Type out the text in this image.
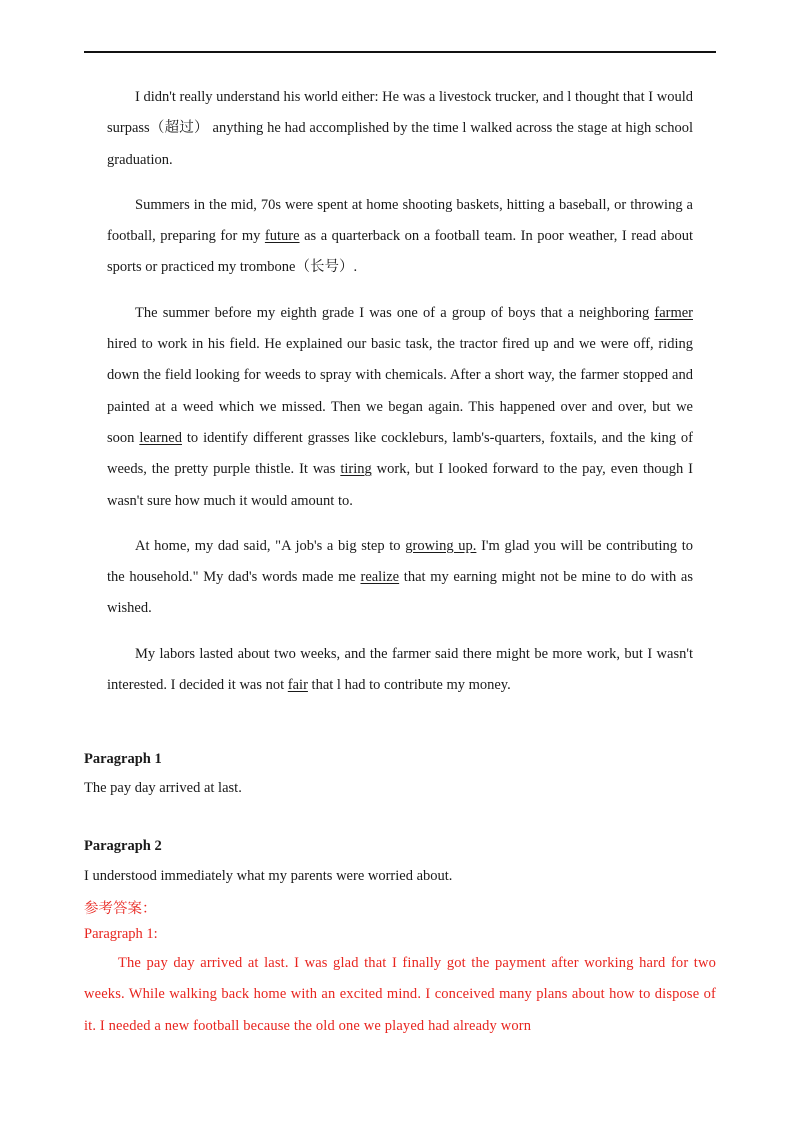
I didn't really understand his world either: He was a livestock trucker, and l thought that I would surpass（超过） anything he had accomplished by the time l walked across the stage at high school graduation.

Summers in the mid, 70s were spent at home shooting baskets, hitting a baseball, or throwing a football, preparing for my future as a quarterback on a football team. In poor weather, I read about sports or practiced my trombone（长号）.

The summer before my eighth grade I was one of a group of boys that a neighboring farmer hired to work in his field. He explained our basic task, the tractor fired up and we were off, riding down the field looking for weeds to spray with chemicals. After a short way, the farmer stopped and painted at a weed which we missed. Then we began again. This happened over and over, but we soon learned to identify different grasses like cockleburs, lamb's-quarters, foxtails, and the king of weeds, the pretty purple thistle. It was tiring work, but I looked forward to the pay, even though I wasn't sure how much it would amount to.

At home, my dad said, "A job's a big step to growing up. I'm glad you will be contributing to the household." My dad's words made me realize that my earning might not be mine to do with as wished.

My labors lasted about two weeks, and the farmer said there might be more work, but I wasn't interested. I decided it was not fair that l had to contribute my money.

Paragraph 1
The pay day arrived at last.
Paragraph 2
I understood immediately what my parents were worried about.
参考答案：
Paragraph 1:

The pay day arrived at last. I was glad that I finally got the payment after working hard for two weeks. While walking back home with an excited mind. I conceived many plans about how to dispose of it. I needed a new football because the old one we played had already worn
